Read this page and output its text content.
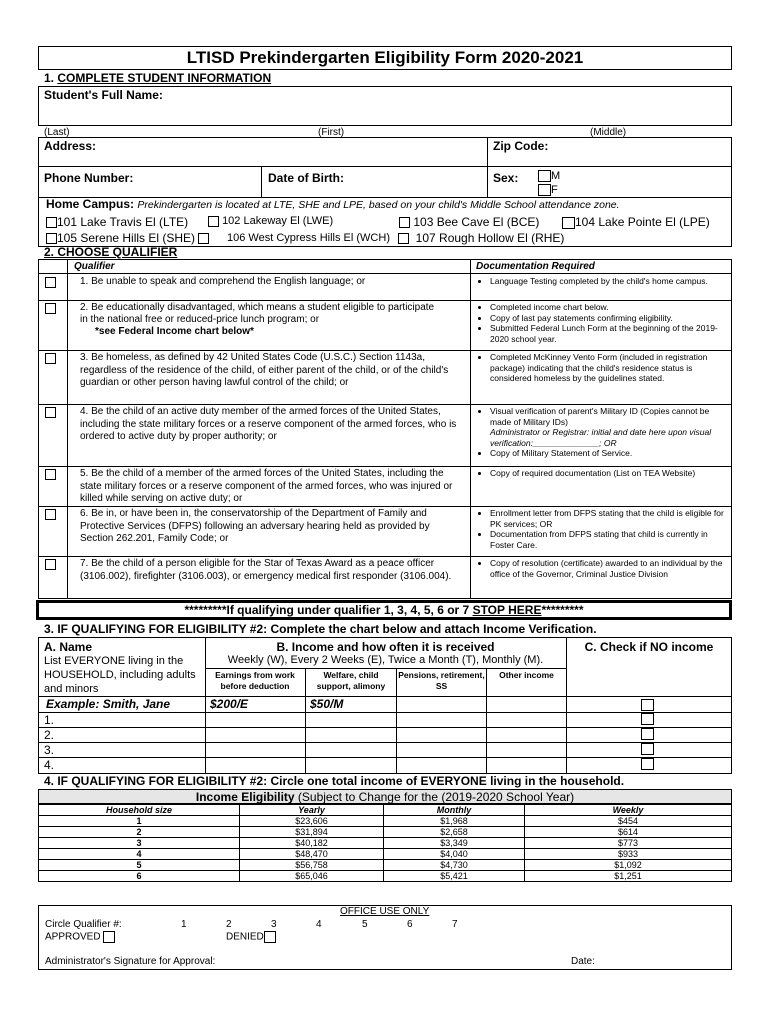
LTISD Prekindergarten Eligibility Form 2020-2021
1. COMPLETE STUDENT INFORMATION
Student's Full Name:
(Last)	(First)	(Middle)
Address:	Zip Code:
Phone Number:	Date of Birth:	Sex:	M
F
Home Campus: Prekindergarten is located at LTE, SHE and LPE, based on your child's Middle School attendance zone.
101 Lake Travis El (LTE)	102 Lakeway El (LWE)	103 Bee Cave El (BCE)	104 Lake Pointe El (LPE)
105 Serene Hills El (SHE)	106 West Cypress Hills El (WCH)	107 Rough Hollow El (RHE)
2. CHOOSE QUALIFIER
Qualifier	Documentation Required
1. Be unable to speak and comprehend the English language; or	• Language Testing completed by the child's home campus.
2. Be educationally disadvantaged, which means a student eligible to participate in the national free or reduced-price lunch program; or
*see Federal Income chart below*
• Completed income chart below.
• Copy of last pay statements confirming eligibility.
• Submitted Federal Lunch Form at the beginning of the 2019-2020 school year.
3. Be homeless, as defined by 42 United States Code (U.S.C.) Section 1143a, regardless of the residence of the child, of either parent of the child, or of the child's guardian or other person having lawful control of the child; or
• Completed McKinney Vento Form (included in registration package) indicating that the child's residence status is considered homeless by the guidelines stated.
4. Be the child of an active duty member of the armed forces of the United States, including the state military forces or a reserve component of the armed forces, who is ordered to active duty by proper authority; or
• Visual verification of parent's Military ID (Copies cannot be made of Military IDs)
Administrator or Registrar: initial and date here upon visual verification:______________; OR
• Copy of Military Statement of Service.
5. Be the child of a member of the armed forces of the United States, including the state military forces or a reserve component of the armed forces, who was injured or killed while serving on active duty; or
• Copy of required documentation (List on TEA Website)
6. Be in, or have been in, the conservatorship of the Department of Family and Protective Services (DFPS) following an adversary hearing held as provided by Section 262.201, Family Code; or
• Enrollment letter from DFPS stating that the child is eligible for PK services; OR
• Documentation from DFPS stating that child is currently in Foster Care.
7. Be the child of a person eligible for the Star of Texas Award as a peace officer (3106.002), firefighter (3106.003), or emergency medical first responder (3106.004).
• Copy of resolution (certificate) awarded to an individual by the office of the Governor, Criminal Justice Division
*********If qualifying under qualifier 1, 3, 4, 5, 6 or 7 STOP HERE*********
3. IF QUALIFYING FOR ELIGIBILITY #2: Complete the chart below and attach Income Verification.
A. Name
List EVERYONE living in the HOUSEHOLD, including adults and minors
B. Income and how often it is received
Weekly (W), Every 2 Weeks (E), Twice a Month (T), Monthly (M).
C. Check if NO income
Earnings from work before deduction
Welfare, child support, alimony
Pensions, retirement, SS
Other income
Example: Smith, Jane	$200/E	$50/M
1.
2.
3.
4.
4. IF QUALIFYING FOR ELIGIBILITY #2: Circle one total income of EVERYONE living in the household.
Income Eligibility (Subject to Change for the (2019-2020 School Year)
Household size	Yearly	Monthly	Weekly
1	$23,606	$1,968	$454
2	$31,894	$2,658	$614
3	$40,182	$3,349	$773
4	$48,470	$4,040	$933
5	$56,758	$4,730	$1,092
6	$65,046	$5,421	$1,251
OFFICE USE ONLY
Circle Qualifier #:	1	2	3	4	5	6	7
APPROVED	DENIED
Administrator's Signature for Approval:	Date:
